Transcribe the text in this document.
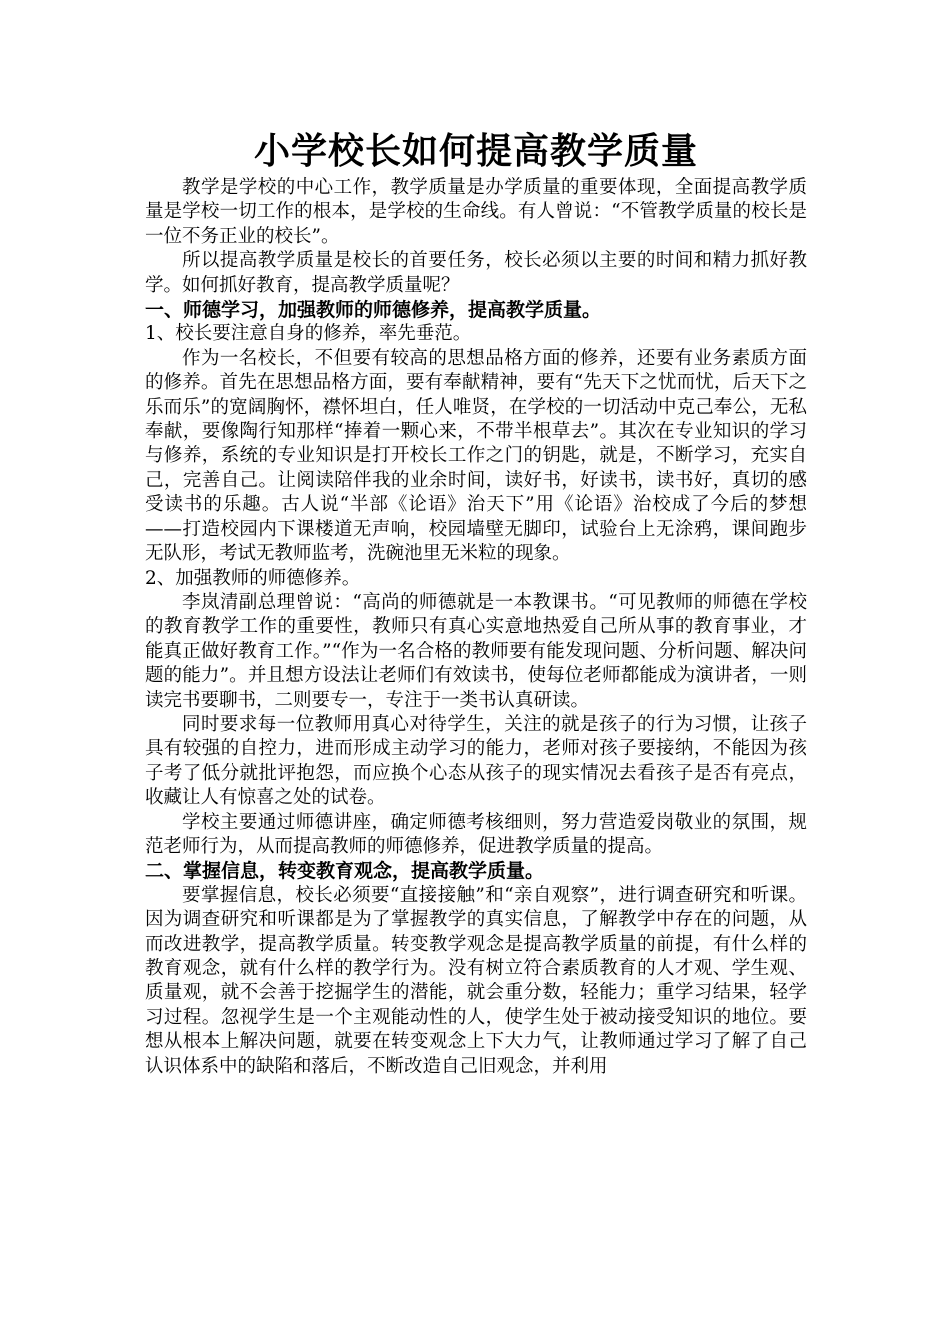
小学校长如何提高教学质量

教学是学校的中心工作，教学质量是办学质量的重要体现，全面提高教学质量是学校一切工作的根本，是学校的生命线。有人曾说：“不管教学质量的校长是一位不务正业的校长”。

所以提高教学质量是校长的首要任务，校长必须以主要的时间和精力抓好教学。如何抓好教育，提高教学质量呢？

一、师德学习，加强教师的师德修养，提高教学质量。

1、校长要注意自身的修养，率先垂范。

作为一名校长，不但要有较高的思想品格方面的修养，还要有业务素质方面的修养。首先在思想品格方面，要有奉献精神，要有“先天下之忧而忧，后天下之乐而乐”的宽阔胸怀，襟怀坦白，任人唯贤，在学校的一切活动中克己奉公，无私奉献，要像陶行知那样“捧着一颗心来，不带半根草去”。其次在专业知识的学习与修养，系统的专业知识是打开校长工作之门的钥匙，就是，不断学习，充实自己，完善自己。让阅读陪伴我的业余时间，读好书，好读书，读书好，真切的感受读书的乐趣。古人说“半部《论语》治天下”用《论语》治校成了今后的梦想——打造校园内下课楼道无声响，校园墙壁无脚印，试验台上无涂鸦，课间跑步无队形，考试无教师监考，洗碗池里无米粒的现象。

2、加强教师的师德修养。

李岚清副总理曾说：“高尚的师德就是一本教课书。“可见教师的师德在学校的教育教学工作的重要性，教师只有真心实意地热爱自己所从事的教育事业，才能真正做好教育工作。”“作为一名合格的教师要有能发现问题、分析问题、解决问题的能力”。并且想方设法让老师们有效读书，使每位老师都能成为演讲者，一则读完书要聊书，二则要专一，专注于一类书认真研读。

同时要求每一位教师用真心对待学生，关注的就是孩子的行为习惯，让孩子具有较强的自控力，进而形成主动学习的能力，老师对孩子要接纳，不能因为孩子考了低分就批评抱怨，而应换个心态从孩子的现实情况去看孩子是否有亮点，收藏让人有惊喜之处的试卷。

学校主要通过师德讲座，确定师德考核细则，努力营造爱岗敬业的氛围，规范老师行为，从而提高教师的师德修养，促进教学质量的提高。

二、掌握信息，转变教育观念，提高教学质量。

要掌握信息，校长必须要“直接接触”和“亲自观察”，进行调查研究和听课。因为调查研究和听课都是为了掌握教学的真实信息，了解教学中存在的问题，从而改进教学，提高教学质量。转变教学观念是提高教学质量的前提，有什么样的教育观念，就有什么样的教学行为。没有树立符合素质教育的人才观、学生观、质量观，就不会善于挖掘学生的潜能，就会重分数，轻能力；重学习结果，轻学习过程。忽视学生是一个主观能动性的人，使学生处于被动接受知识的地位。要想从根本上解决问题，就要在转变观念上下大力气，让教师通过学习了解了自己认识体系中的缺陷和落后，不断改造自己旧观念，并利用
